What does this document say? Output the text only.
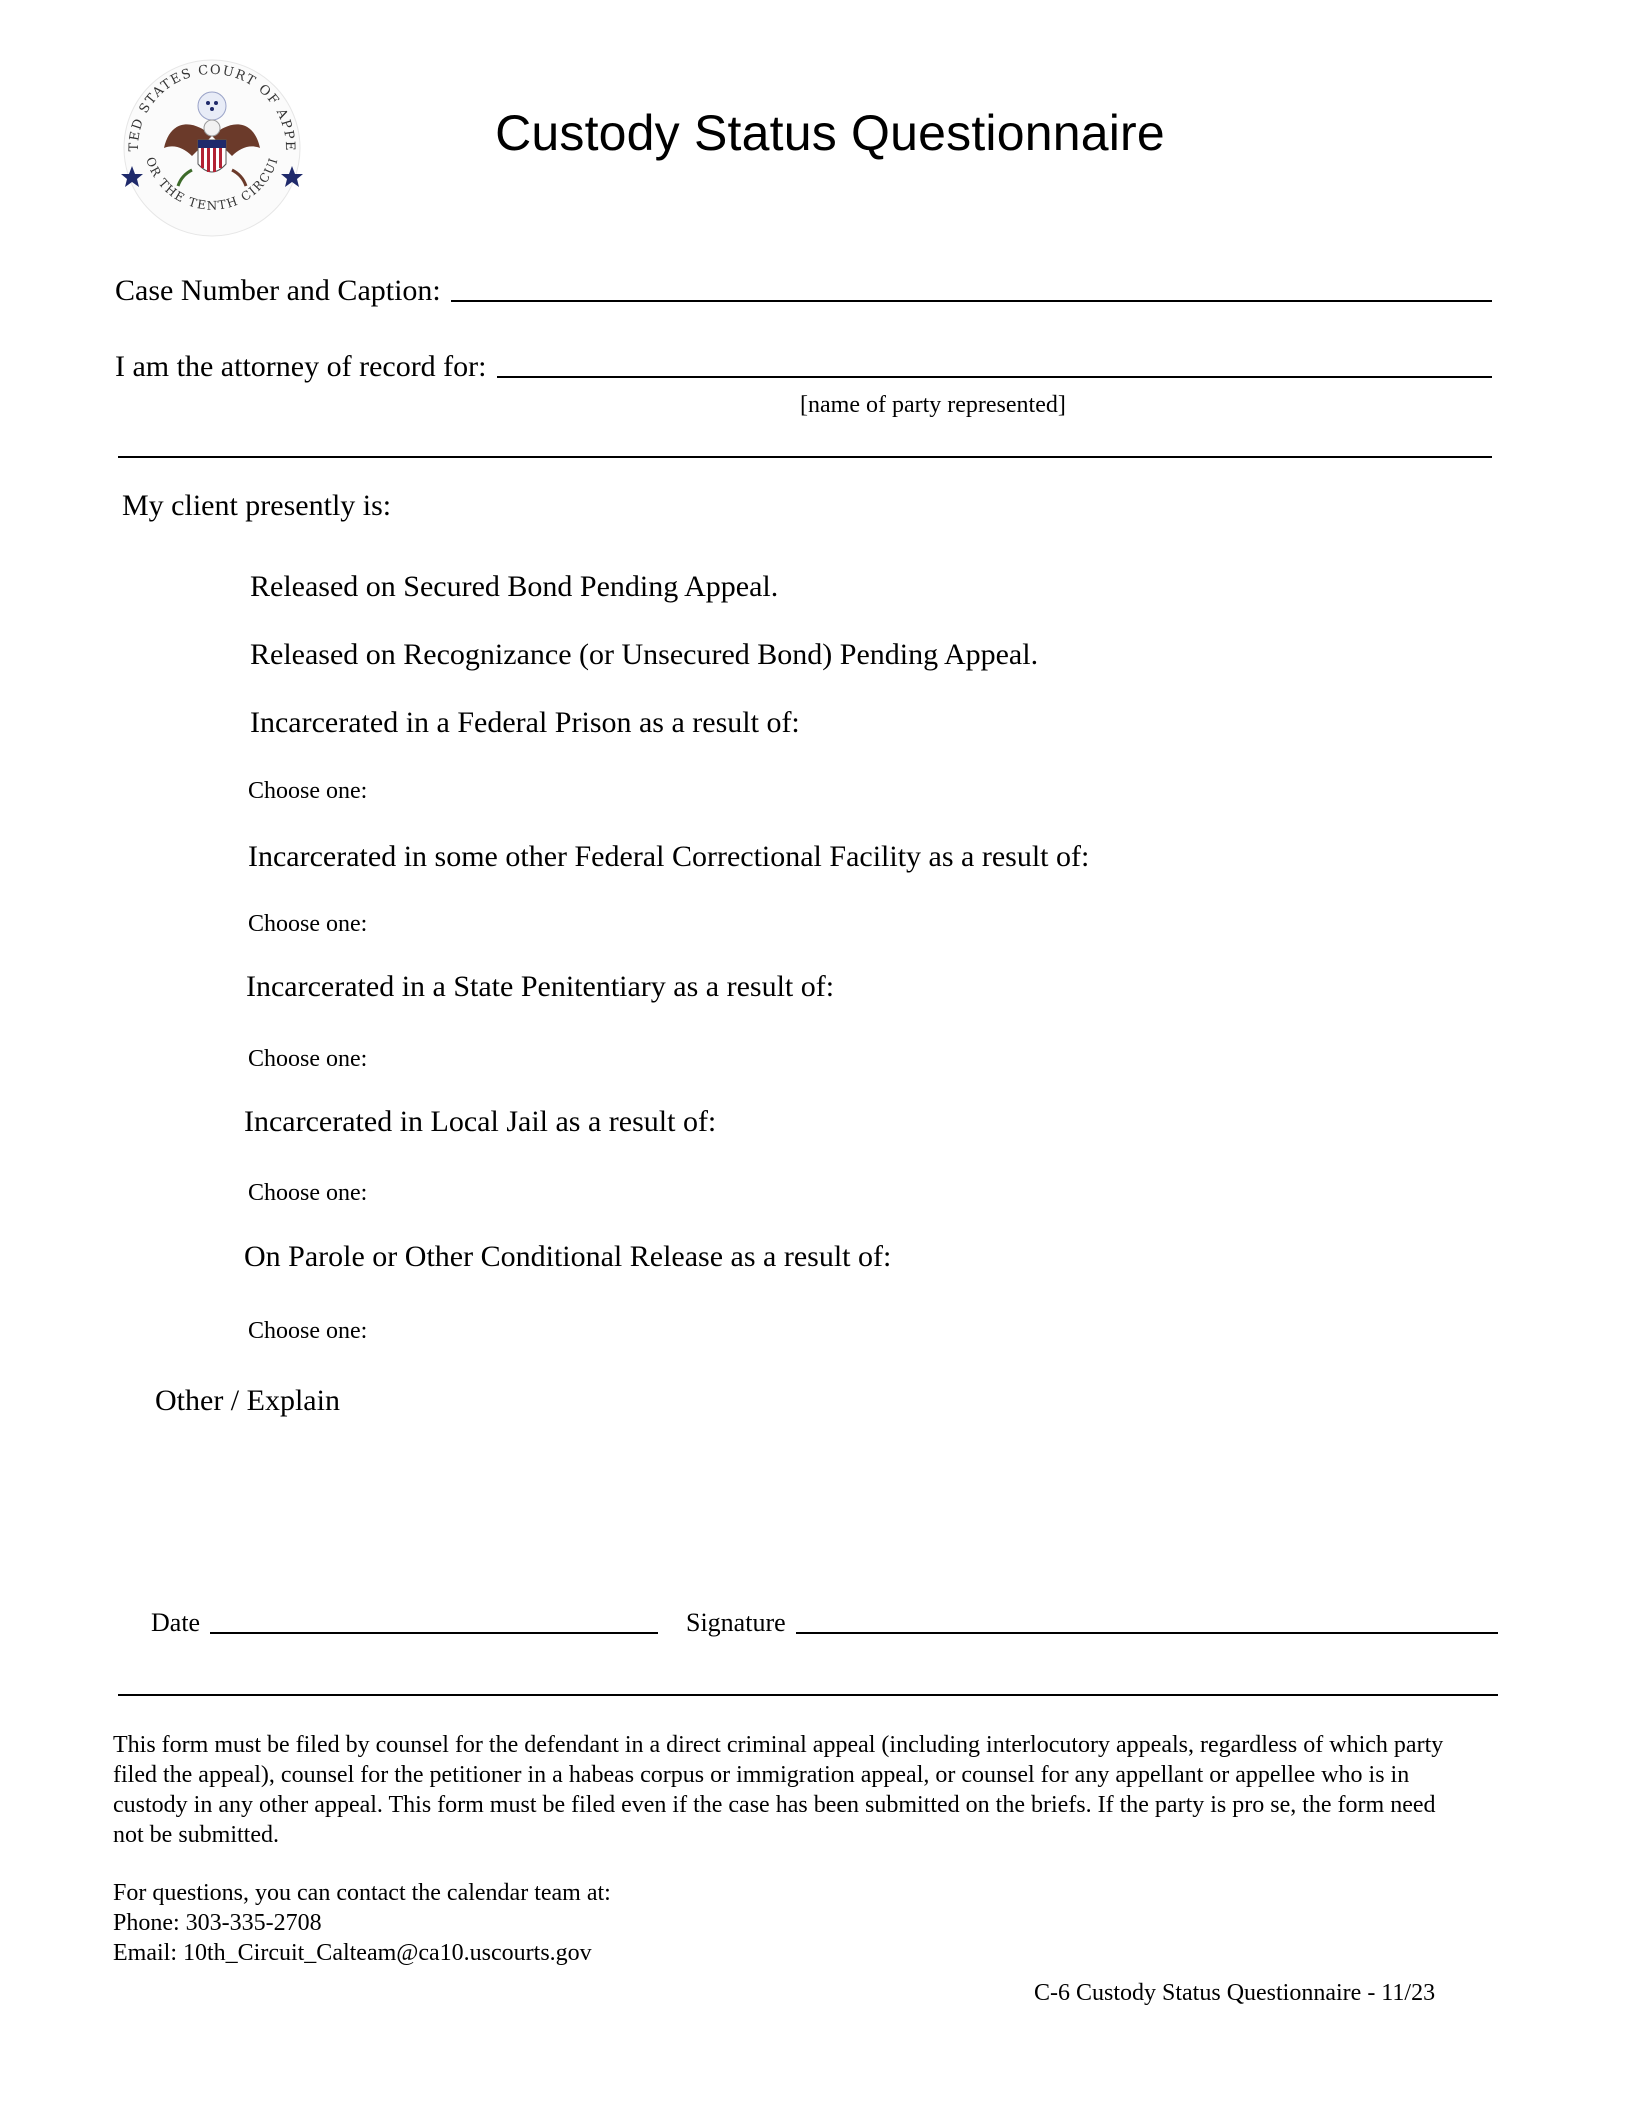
TED STATES COURT OF APPE
OR THE TENTH CIRCUI	Custody Status Questionnaire
Case Number and Caption:
I am the attorney of record for:
[name of party represented]
My client presently is:
Released on Secured Bond Pending Appeal.
Released on Recognizance (or Unsecured Bond) Pending Appeal.
Incarcerated in a Federal Prison as a result of:
Choose one:
Incarcerated in some other Federal Correctional Facility as a result of:
Choose one:
Incarcerated in a State Penitentiary as a result of:
Choose one:
Incarcerated in Local Jail as a result of:
Choose one:
On Parole or Other Conditional Release as a result of:
Choose one:
Other / Explain
Date	Signature
This form must be filed by counsel for the defendant in a direct criminal appeal (including interlocutory appeals, regardless of which party filed the appeal), counsel for the petitioner in a habeas corpus or immigration appeal, or counsel for any appellant or appellee who is in custody in any other appeal. This form must be filed even if the case has been submitted on the briefs. If the party is pro se, the form need not be submitted.
For questions, you can contact the calendar team at:
Phone: 303-335-2708
Email: 10th_Circuit_Calteam@ca10.uscourts.gov
C-6 Custody Status Questionnaire - 11/23
